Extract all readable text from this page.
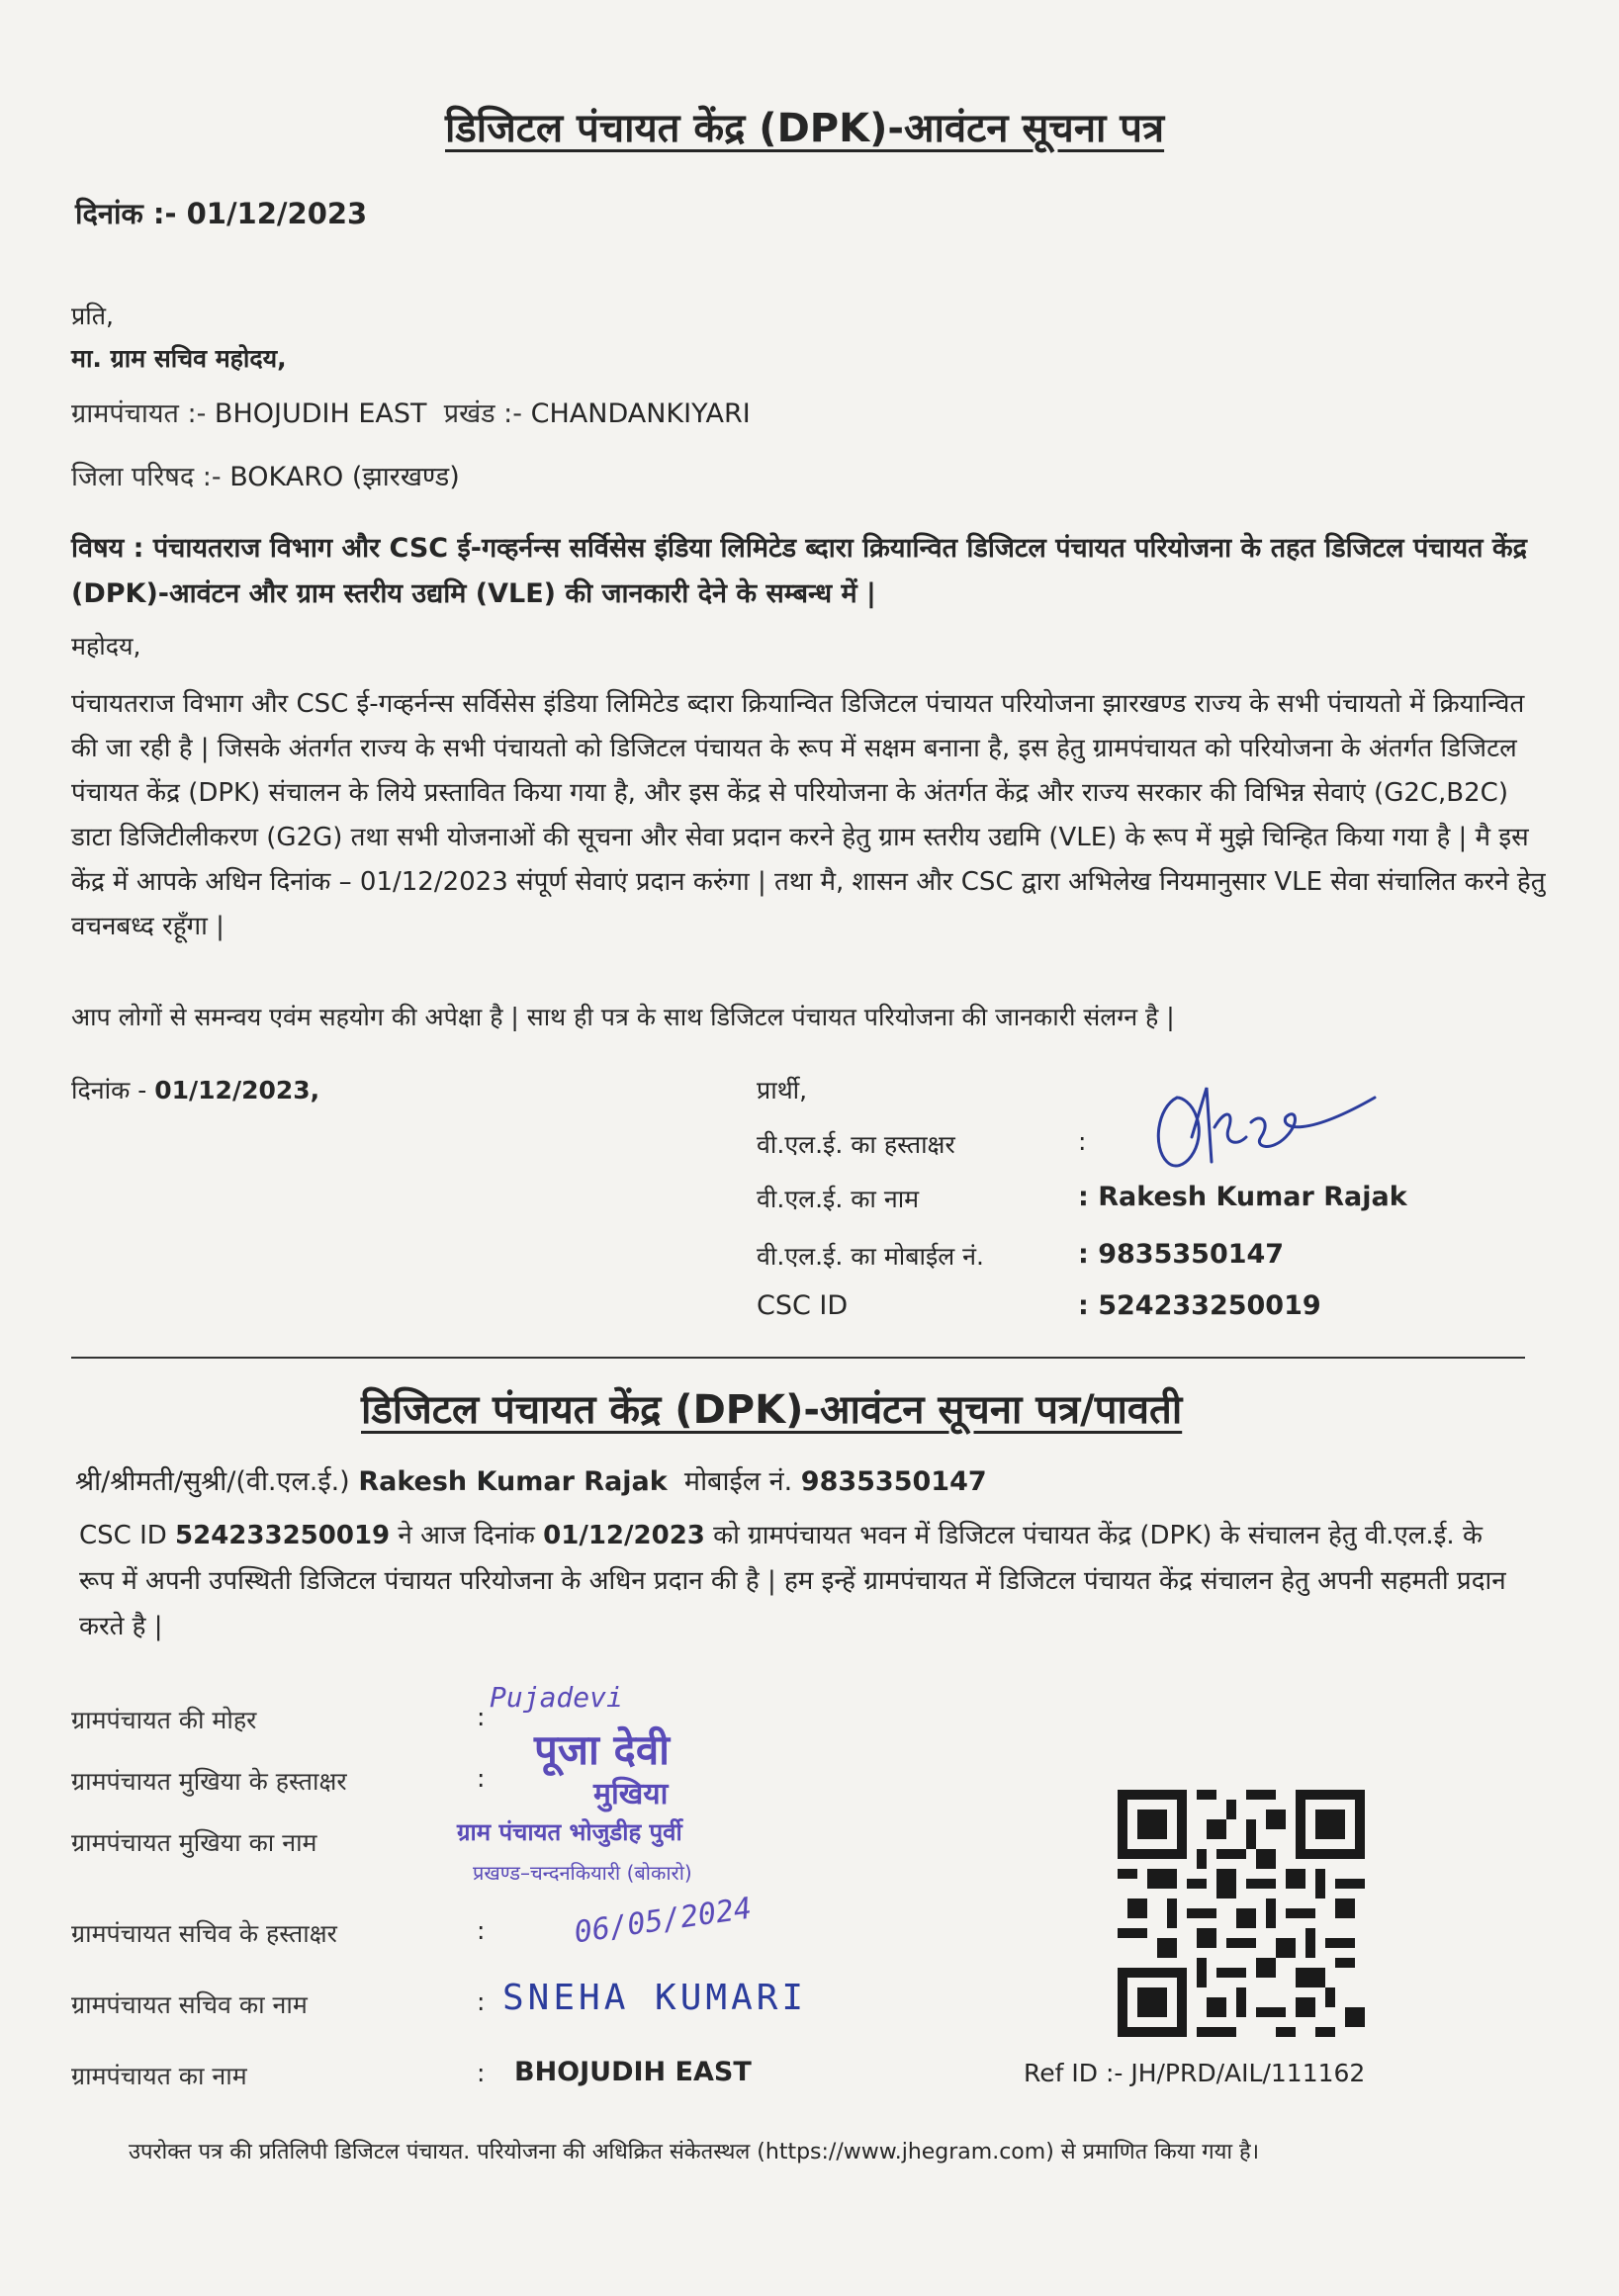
डिजिटल पंचायत केंद्र (DPK)-आवंटन सूचना पत्र
दिनांक :- 01/12/2023
प्रति,
मा. ग्राम सचिव महोदय,
ग्रामपंचायत :- BHOJUDIH EAST प्रखंड :- CHANDANKIYARI
जिला परिषद :- BOKARO (झारखण्ड)
विषय : पंचायतराज विभाग और CSC ई-गव्हर्नन्स सर्विसेस इंडिया लिमिटेड ब्दारा क्रियान्वित डिजिटल पंचायत परियोजना के तहत डिजिटल पंचायत केंद्र (DPK)-आवंटन और ग्राम स्तरीय उद्यमि (VLE) की जानकारी देने के सम्बन्ध में |
महोदय,
पंचायतराज विभाग और CSC ई-गव्हर्नन्स सर्विसेस इंडिया लिमिटेड ब्दारा क्रियान्वित डिजिटल पंचायत परियोजना झारखण्ड राज्य के सभी पंचायतो में क्रियान्वित की जा रही है | जिसके अंतर्गत राज्य के सभी पंचायतो को डिजिटल पंचायत के रूप में सक्षम बनाना है, इस हेतु ग्रामपंचायत को परियोजना के अंतर्गत डिजिटल पंचायत केंद्र (DPK) संचालन के लिये प्रस्तावित किया गया है, और इस केंद्र से परियोजना के अंतर्गत केंद्र और राज्य सरकार की विभिन्न सेवाएं (G2C,B2C) डाटा डिजिटीलीकरण (G2G) तथा सभी योजनाओं की सूचना और सेवा प्रदान करने हेतु ग्राम स्तरीय उद्यमि (VLE) के रूप में मुझे चिन्हित किया गया है | मै इस केंद्र में आपके अधिन दिनांक – 01/12/2023 संपूर्ण सेवाएं प्रदान करुंगा | तथा मै, शासन और CSC द्वारा अभिलेख नियमानुसार VLE सेवा संचालित करने हेतु वचनबध्द रहूँगा |
आप लोगों से समन्वय एवंम सहयोग की अपेक्षा है | साथ ही पत्र के साथ डिजिटल पंचायत परियोजना की जानकारी संलग्न है |
दिनांक - 01/12/2023,	प्रार्थी,
वी.एल.ई. का हस्ताक्षर	:
वी.एल.ई. का नाम	: Rakesh Kumar Rajak
वी.एल.ई. का मोबाईल नं.	: 9835350147
CSC ID	: 524233250019
डिजिटल पंचायत केंद्र (DPK)-आवंटन सूचना पत्र/पावती
श्री/श्रीमती/सुश्री/(वी.एल.ई.) Rakesh Kumar Rajak मोबाईल नं. 9835350147
CSC ID 524233250019 ने आज दिनांक 01/12/2023 को ग्रामपंचायत भवन में डिजिटल पंचायत केंद्र (DPK) के संचालन हेतु वी.एल.ई. के रूप में अपनी उपस्थिती डिजिटल पंचायत परियोजना के अधिन प्रदान की है | हम इन्हें ग्रामपंचायत में डिजिटल पंचायत केंद्र संचालन हेतु अपनी सहमती प्रदान करते है |
ग्रामपंचायत की मोहर	:
ग्रामपंचायत मुखिया के हस्ताक्षर	:
ग्रामपंचायत मुखिया का नाम
ग्रामपंचायत सचिव के हस्ताक्षर	:
ग्रामपंचायत सचिव का नाम	: SNEHA KUMARI
ग्रामपंचायत का नाम	: BHOJUDIH EAST
Pujadevi
पूजा देवी
मुखिया
ग्राम पंचायत भोजुडीह पुर्वी
प्रखण्ड–चन्दनकियारी (बोकारो)
06/05/2024
Ref ID :- JH/PRD/AIL/111162
उपरोक्त पत्र की प्रतिलिपी डिजिटल पंचायत. परियोजना की अधिक्रित संकेतस्थल (https://www.jhegram.com) से प्रमाणित किया गया है।
